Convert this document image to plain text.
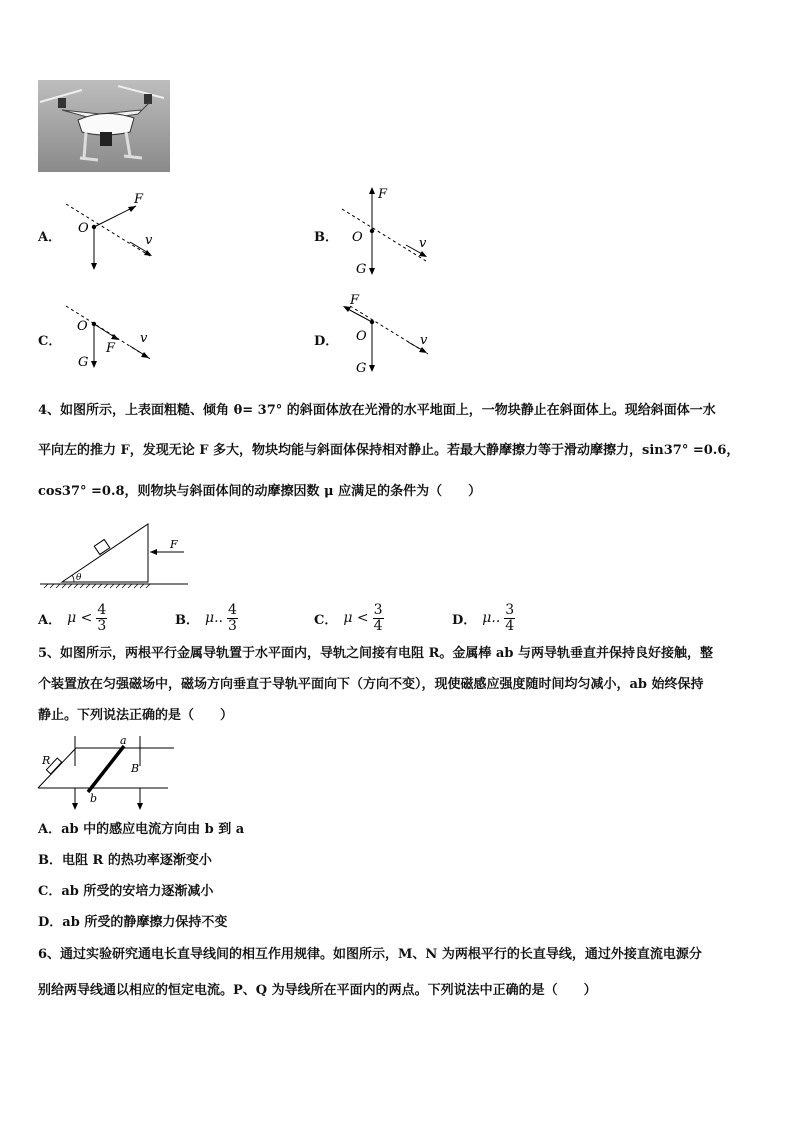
A．
F
O
v	B．
F
O	v
G
C．
O
F
v
G
D．
F
O	v
G
4、如图所示，上表面粗糙、倾角 θ= 37° 的斜面体放在光滑的水平地面上，一物块静止在斜面体上。现给斜面体一水
平向左的推力 F，发现无论 F 多大，物块均能与斜面体保持相对静止。若最大静摩擦力等于滑动摩擦力，sin37° =0.6，
cos37° =0.8，则物块与斜面体间的动摩擦因数 μ 应满足的条件为（　　）
θ
F
A． $\mu < \frac{4}{3}$	B． μ.. $\frac{4}{3}$	C． $\mu < \frac{3}{4}$	D． μ.. $\frac{3}{4}$
5、如图所示，两根平行金属导轨置于水平面内，导轨之间接有电阻 R。金属棒 ab 与两导轨垂直并保持良好接触，整
个装置放在匀强磁场中，磁场方向垂直于导轨平面向下（方向不变），现使磁感应强度随时间均匀减小，ab 始终保持
静止。下列说法正确的是（　　）
R
a
b
B
A．ab 中的感应电流方向由 b 到 a
B．电阻 R 的热功率逐渐变小
C．ab 所受的安培力逐渐减小
D．ab 所受的静摩擦力保持不变
6、通过实验研究通电长直导线间的相互作用规律。如图所示，M、N 为两根平行的长直导线，通过外接直流电源分
别给两导线通以相应的恒定电流。P、Q 为导线所在平面内的两点。下列说法中正确的是（　　）
